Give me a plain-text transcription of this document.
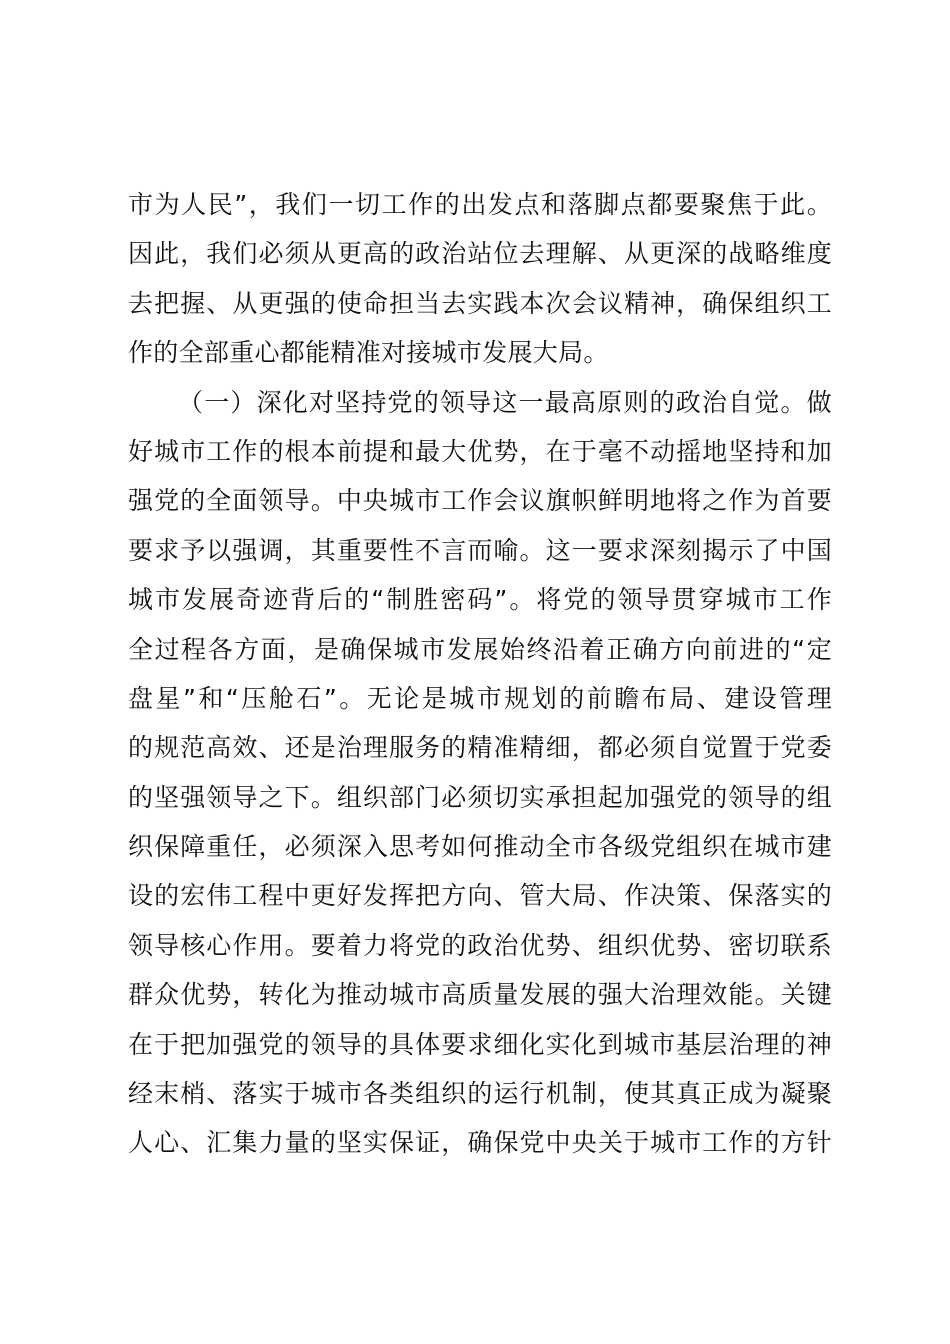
市为人民”，我们一切工作的出发点和落脚点都要聚焦于此。
因此，我们必须从更高的政治站位去理解、从更深的战略维度
去把握、从更强的使命担当去实践本次会议精神，确保组织工
作的全部重心都能精准对接城市发展大局。
（一）深化对坚持党的领导这一最高原则的政治自觉。做
好城市工作的根本前提和最大优势，在于毫不动摇地坚持和加
强党的全面领导。中央城市工作会议旗帜鲜明地将之作为首要
要求予以强调，其重要性不言而喻。这一要求深刻揭示了中国
城市发展奇迹背后的“制胜密码”。将党的领导贯穿城市工作
全过程各方面，是确保城市发展始终沿着正确方向前进的“定
盘星”和“压舱石”。无论是城市规划的前瞻布局、建设管理
的规范高效、还是治理服务的精准精细，都必须自觉置于党委
的坚强领导之下。组织部门必须切实承担起加强党的领导的组
织保障重任，必须深入思考如何推动全市各级党组织在城市建
设的宏伟工程中更好发挥把方向、管大局、作决策、保落实的
领导核心作用。要着力将党的政治优势、组织优势、密切联系
群众优势，转化为推动城市高质量发展的强大治理效能。关键
在于把加强党的领导的具体要求细化实化到城市基层治理的神
经末梢、落实于城市各类组织的运行机制，使其真正成为凝聚
人心、汇集力量的坚实保证，确保党中央关于城市工作的方针
